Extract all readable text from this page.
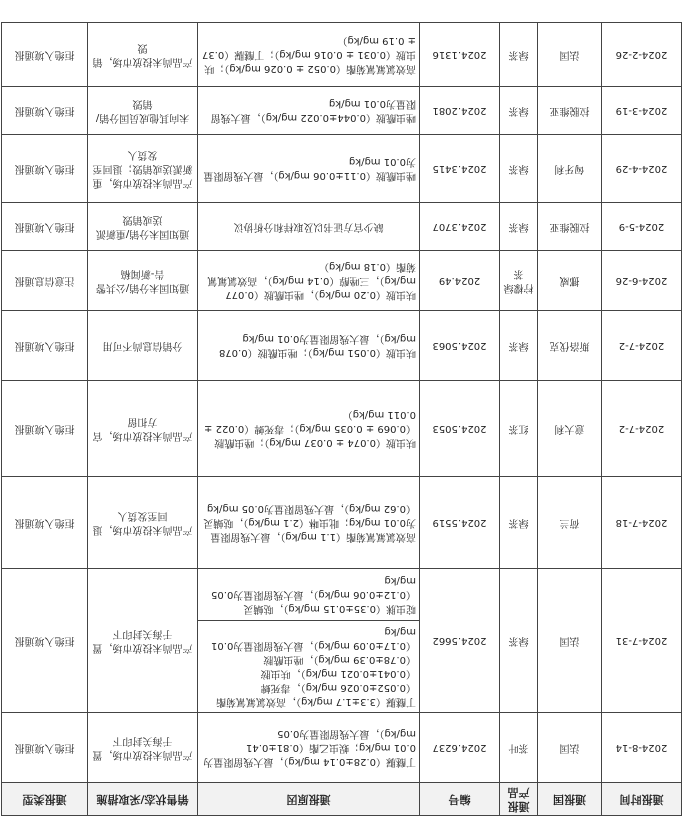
通报时间	通报国	通报产品	编号	通报原因	销售状态/采取措施	通报类型
2024-8-14	法国	茶叶	2024.6237	丁醚脲（0.28±0.14 mg/kg），最大残留限量为0.01 mg/kg；蜈虫乙酯（0.81±0.41 mg/kg），最大残留限量为0.05	产品尚未投放市场，置于海关封印下	拒绝入境通报
2024-7-31	法国	绿茶	2024.5662	丁醚脲（3.3±1.7 mg/kg），高效氯氟氰菊酯（0.052±0.026 mg/kg），毒死蜱（0.041±0.021 mg/kg），呋虫胺（0.78±0.39 mg/kg），唑虫酰胺（0.17±0.09 mg/kg），最大残留限量为0.01 mg/kg	产品尚未投放市场，置于海关封印下	拒绝入境通报
				啶虫脒（0.35±0.15 mg/kg），哒螨灵（0.12±0.06 mg/kg），最大残留限量为0.05 mg/kg		
2024-7-18	荷兰	绿茶	2024.5519	高效氯氟氰菊酯（1.1 mg/kg），最大残留限量为0.01 mg/kg；吡虫啉（2.1 mg/kg），哒螨灵（0.62 mg/kg），最大残留限量为0.05 mg/kg	产品尚未投放市场，退回至发货人	拒绝入境通报
2024-7-2	意大利	红茶	2024.5053	呋虫胺（0.074 ± 0.037 mg/kg）；唑虫酰胺（0.069 ± 0.035 mg/kg）；毒死蜱（0.022 ± 0.011 mg/kg）	产品尚未投放市场，官方扣留	拒绝入境通报
2024-7-2	斯洛伐克	绿茶	2024.5063	呋虫胺（0.051 mg/kg）；唑虫酰胺（0.078 mg/kg），最大残留限量为0.01 mg/kg	分销信息尚不可用	拒绝入境通报
2024-6-26	挪威	柠檬绿茶	2024.49	呋虫胺（0.20 mg/kg），唑虫酰胺（0.077 mg/kg），三唑醇（0.14 mg/kg），高效氯氟氰菊酯（0.18 mg/kg）	通知国未分销/公共警告-新闻稿	注意信息通报
2024-5-9	拉脱维亚	绿茶	2024.3707	缺少官方证书以及取样和分析协议	通知国未分销/重新派送或销毁	拒绝入境通报
2024-4-29	匈牙利	绿茶	2024.3415	唑虫酰胺（0.11±0.06 mg/kg），最大残留限量为0.01 mg/kg	产品尚未投放市场，重新派送或销毁；退回至发货人	拒绝入境通报
2024-3-19	拉脱维亚	绿茶	2024.2081	唑虫酰胺（0.044±0.022 mg/kg），最大残留限量为0.01 mg/kg	未向其他成员国分销/销毁	拒绝入境通报
2024-2-26	法国	绿茶	2024.1316	高效氯氟氰菊酯（0.052 ± 0.026 mg/kg）；呋虫胺（0.031 ± 0.016 mg/kg）；丁醚脲（0.37 ± 0.19 mg/kg）	产品尚未投放市场，销毁	拒绝入境通报
